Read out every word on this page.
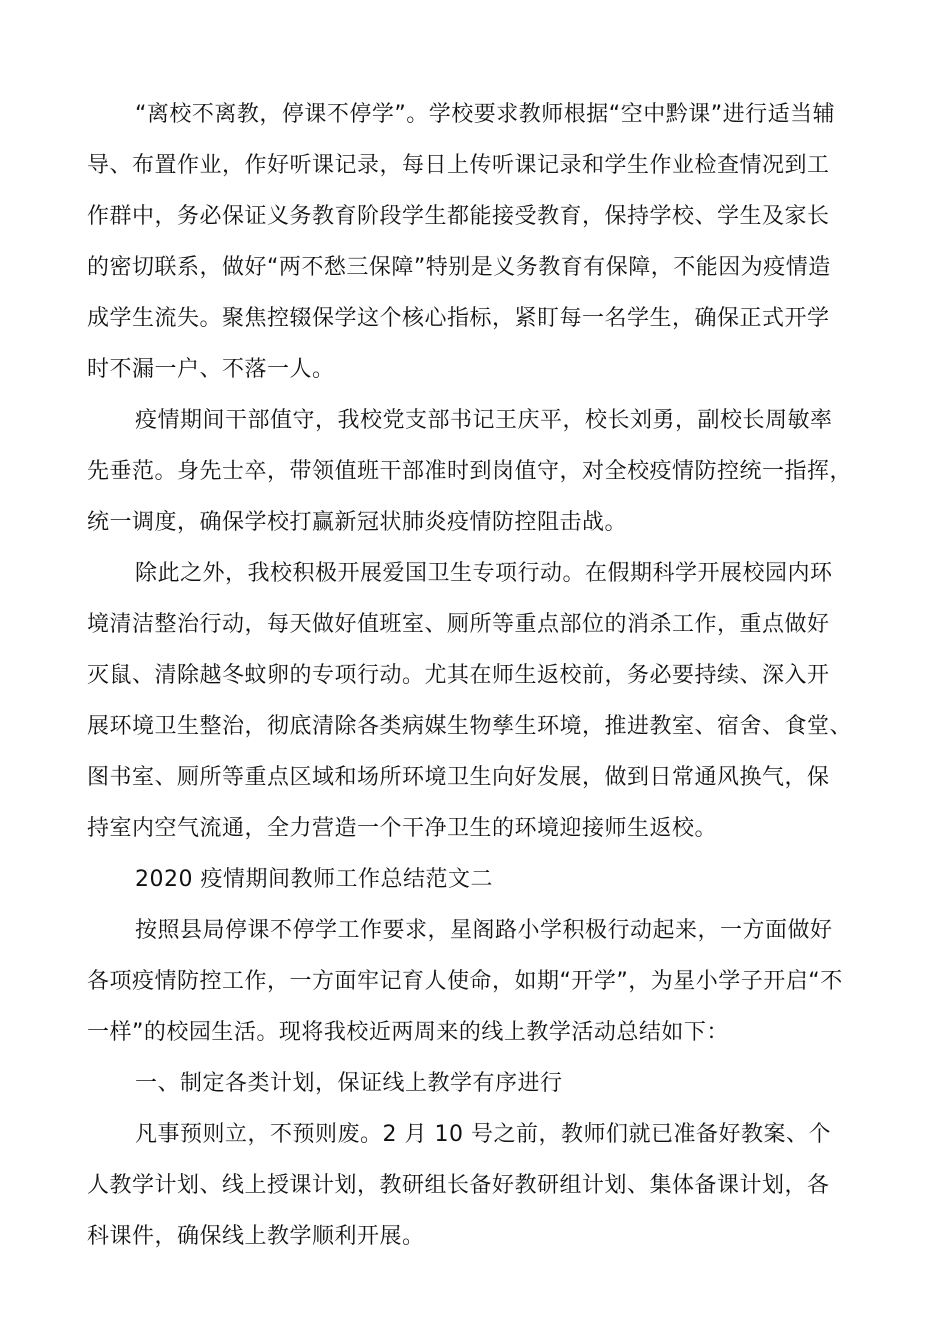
“离校不离教，停课不停学”。学校要求教师根据“空中黔课”进行适当辅

导、布置作业，作好听课记录，每日上传听课记录和学生作业检查情况到工

作群中，务必保证义务教育阶段学生都能接受教育，保持学校、学生及家长

的密切联系，做好“两不愁三保障”特别是义务教育有保障，不能因为疫情造

成学生流失。聚焦控辍保学这个核心指标，紧盯每一名学生，确保正式开学

时不漏一户、不落一人。

疫情期间干部值守，我校党支部书记王庆平，校长刘勇，副校长周敏率

先垂范。身先士卒，带领值班干部准时到岗值守，对全校疫情防控统一指挥，

统一调度，确保学校打赢新冠状肺炎疫情防控阻击战。

除此之外，我校积极开展爱国卫生专项行动。在假期科学开展校园内环

境清洁整治行动，每天做好值班室、厕所等重点部位的消杀工作，重点做好

灭鼠、清除越冬蚊卵的专项行动。尤其在师生返校前，务必要持续、深入开

展环境卫生整治，彻底清除各类病媒生物孳生环境，推进教室、宿舍、食堂、

图书室、厕所等重点区域和场所环境卫生向好发展，做到日常通风换气，保

持室内空气流通，全力营造一个干净卫生的环境迎接师生返校。

2020 疫情期间教师工作总结范文二

按照县局停课不停学工作要求，星阁路小学积极行动起来，一方面做好

各项疫情防控工作，一方面牢记育人使命，如期“开学”，为星小学子开启“不

一样”的校园生活。现将我校近两周来的线上教学活动总结如下：

一、制定各类计划，保证线上教学有序进行

凡事预则立，不预则废。2 月 10 号之前，教师们就已准备好教案、个

人教学计划、线上授课计划，教研组长备好教研组计划、集体备课计划，各

科课件，确保线上教学顺利开展。
